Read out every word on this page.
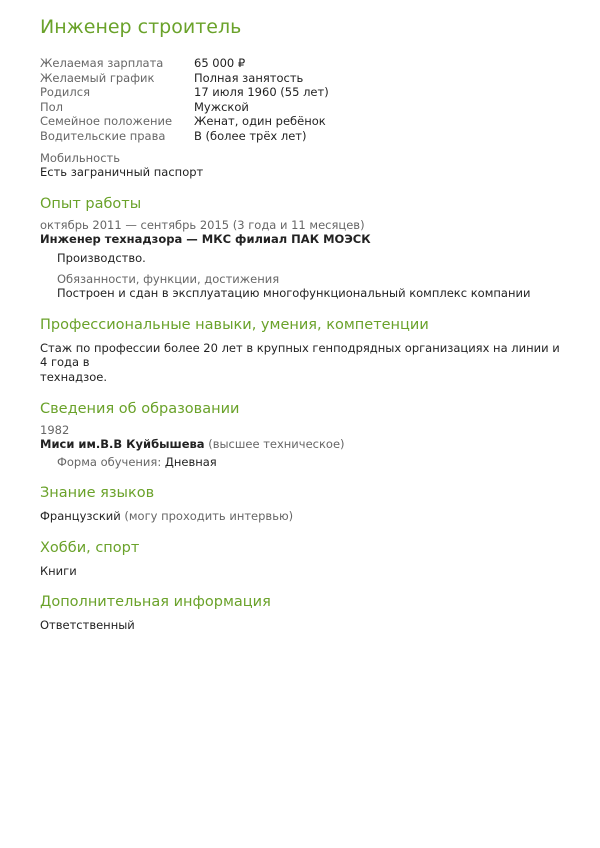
Инженер строитель
Желаемая зарплата	65 000 ₽
Желаемый график	Полная занятость
Родился	17 июля 1960 (55 лет)
Пол	Мужской
Семейное положение	Женат, один ребёнок
Водительские права	B (более трёх лет)
Мобильность
Есть заграничный паспорт
Опыт работы
октябрь 2011 — сентябрь 2015 (3 года и 11 месяцев)
Инженер технадзора — МКС филиал ПАК МОЭСК
Производство.
Обязанности, функции, достижения
Построен и сдан в эксплуатацию многофункциональный комплекс компании
Профессиональные навыки, умения, компетенции
Стаж по профессии более 20 лет в крупных генподрядных организациях на линии и 4 года в
технадзое.
Сведения об образовании
1982
Миси им.В.В Куйбышева (высшее техническое)
Форма обучения: Дневная
Знание языков
Французский (могу проходить интервью)
Хобби, спорт
Книги
Дополнительная информация
Ответственный
